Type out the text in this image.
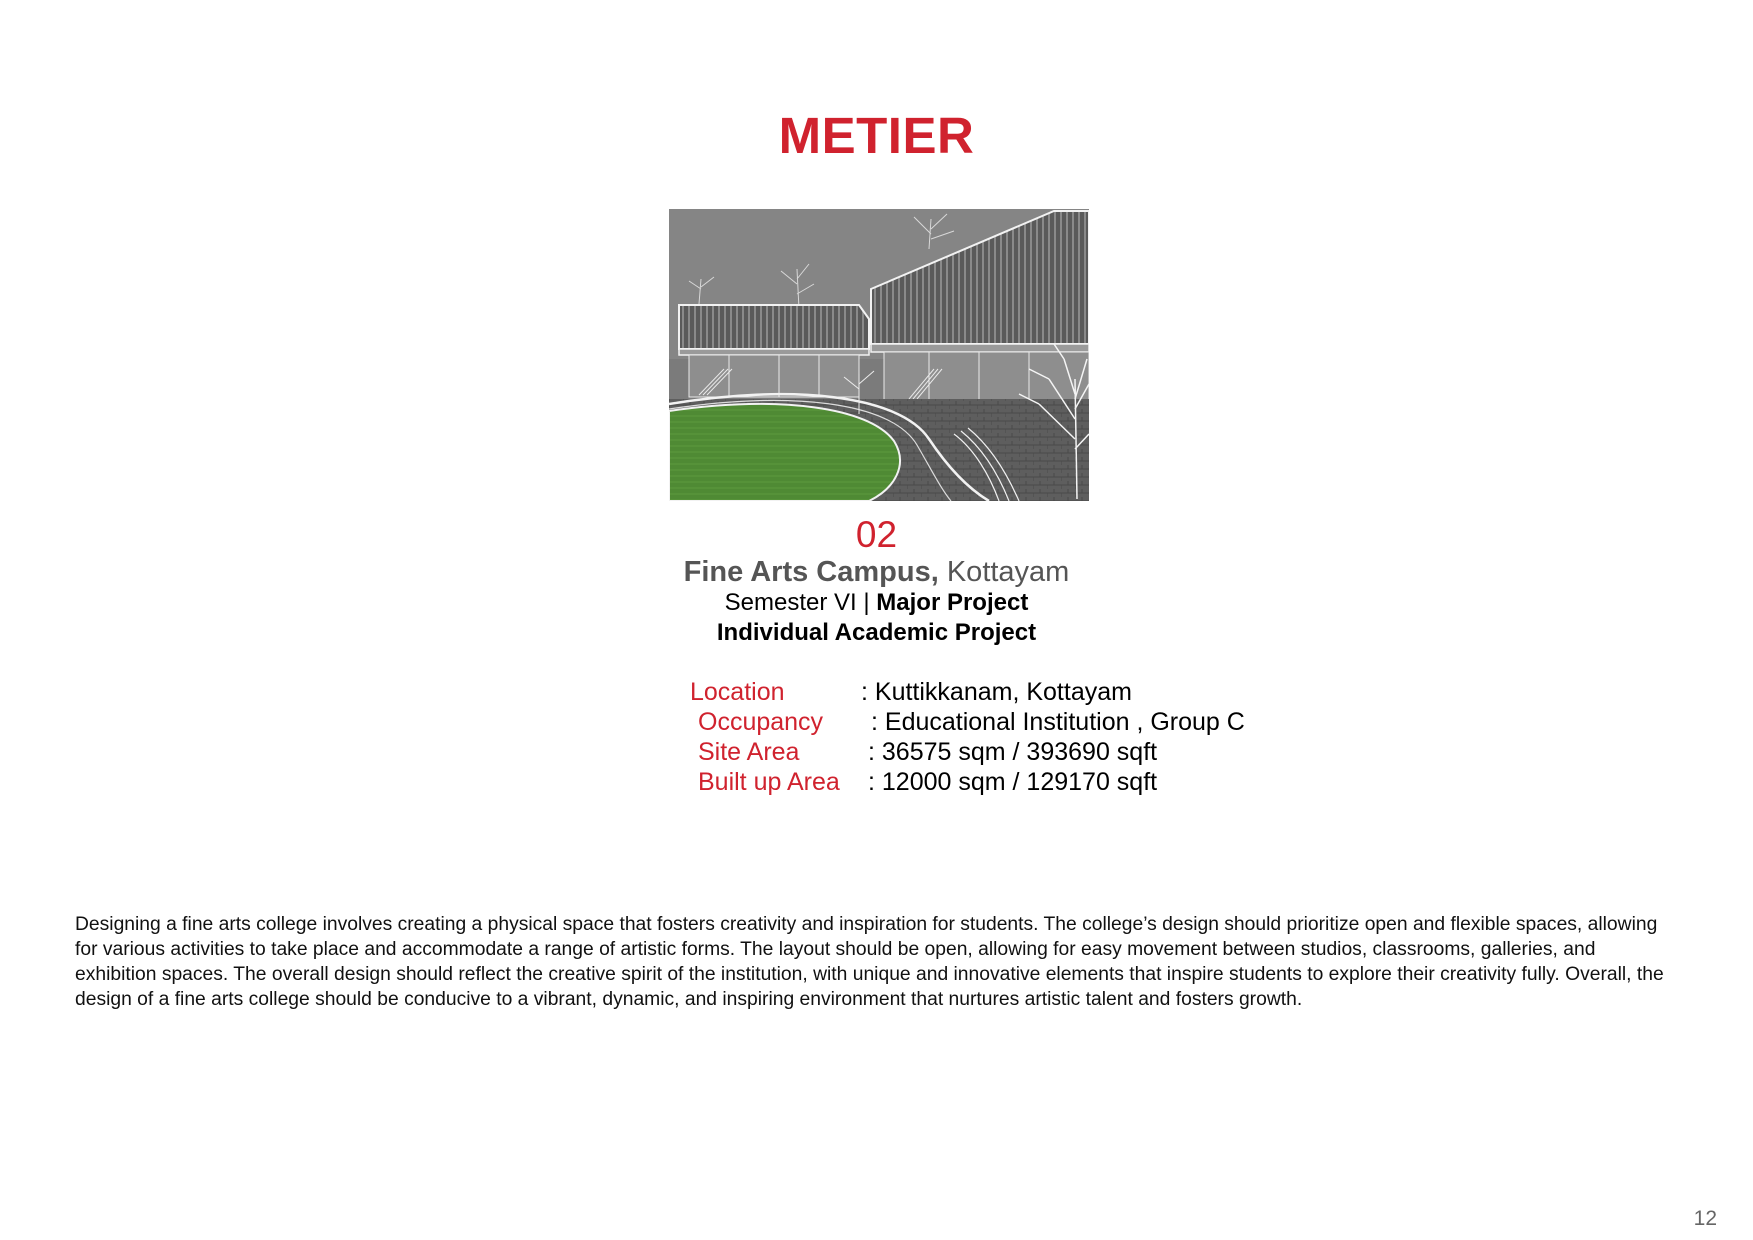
METIER
02
Fine Arts Campus, Kottayam
Semester VI | Major Project
Individual Academic Project
Location	: Kuttikkanam, Kottayam
Occupancy : Educational Institution , Group C
Site Area	: 36575 sqm / 393690 sqft
Built up Area : 12000 sqm / 129170 sqft
Designing a fine arts college involves creating a physical space that fosters creativity and inspiration for students. The college’s design should prioritize open and flexible spaces, allowing for various activities to take place and accommodate a range of artistic forms. The layout should be open, allowing for easy movement between studios, classrooms, galleries, and exhibition spaces. The overall design should reflect the creative spirit of the institution, with unique and innovative elements that inspire students to explore their creativity fully. Overall, the design of a fine arts college should be conducive to a vibrant, dynamic, and inspiring environment that nurtures artistic talent and fosters growth.
12
